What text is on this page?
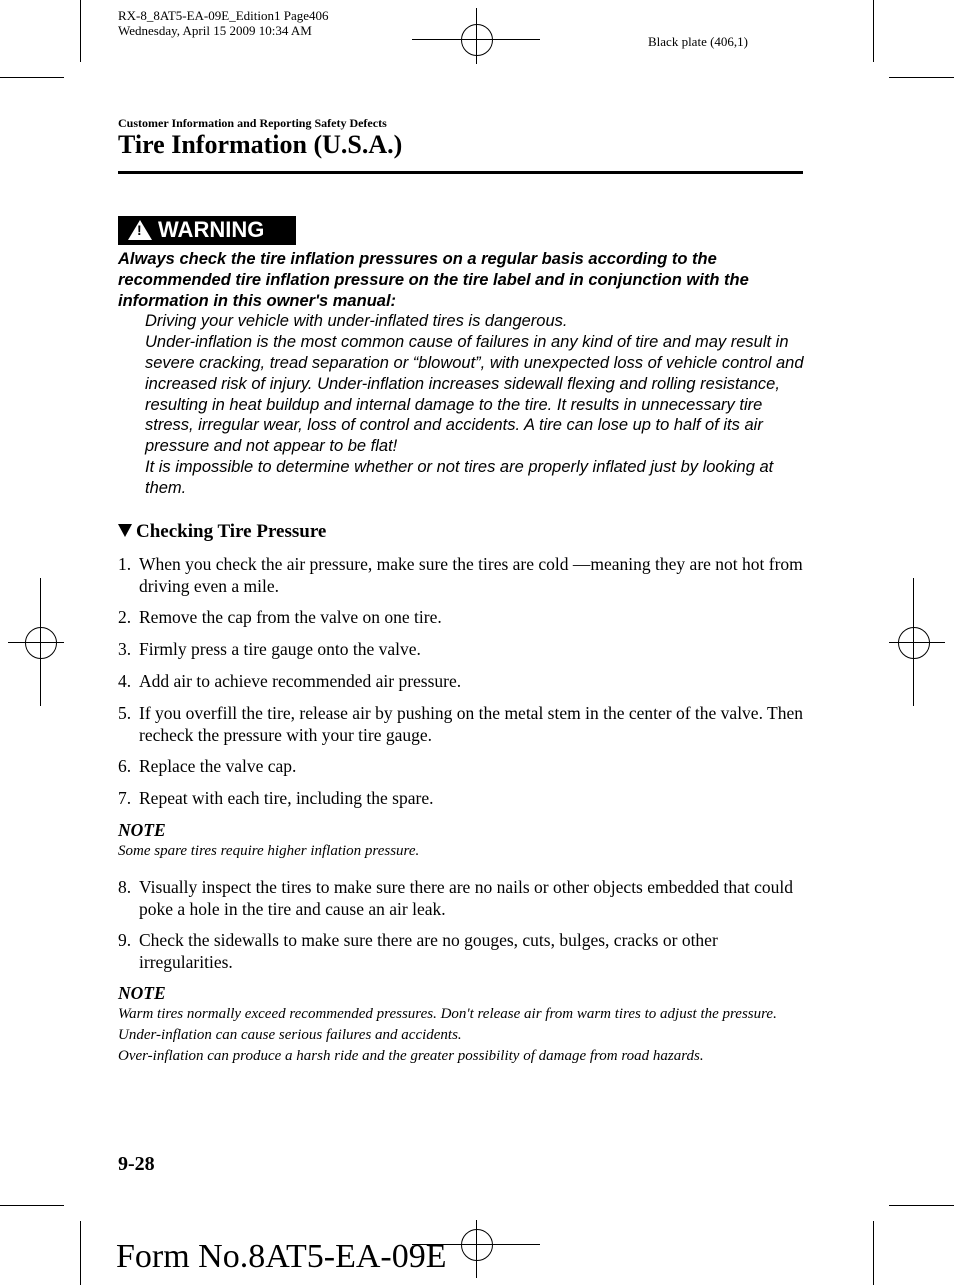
RX-8_8AT5-EA-09E_Edition1 Page406
Wednesday, April 15 2009 10:34 AM
Black plate (406,1)
Customer Information and Reporting Safety Defects
Tire Information (U.S.A.)
! WARNING
Always check the tire inflation pressures on a regular basis according to the recommended tire inflation pressure on the tire label and in conjunction with the information in this owner's manual:
Driving your vehicle with under-inflated tires is dangerous.
Under-inflation is the most common cause of failures in any kind of tire and may result in severe cracking, tread separation or “blowout”, with unexpected loss of vehicle control and increased risk of injury. Under-inflation increases sidewall flexing and rolling resistance, resulting in heat buildup and internal damage to the tire. It results in unnecessary tire stress, irregular wear, loss of control and accidents. A tire can lose up to half of its air pressure and not appear to be flat!
It is impossible to determine whether or not tires are properly inflated just by looking at them.
Checking Tire Pressure
1. When you check the air pressure, make sure the tires are cold —meaning they are not hot from driving even a mile.
2. Remove the cap from the valve on one tire.
3. Firmly press a tire gauge onto the valve.
4. Add air to achieve recommended air pressure.
5. If you overfill the tire, release air by pushing on the metal stem in the center of the valve. Then recheck the pressure with your tire gauge.
6. Replace the valve cap.
7. Repeat with each tire, including the spare.
NOTE
Some spare tires require higher inflation pressure.
8. Visually inspect the tires to make sure there are no nails or other objects embedded that could poke a hole in the tire and cause an air leak.
9. Check the sidewalls to make sure there are no gouges, cuts, bulges, cracks or other irregularities.
NOTE
Warm tires normally exceed recommended pressures. Don't release air from warm tires to adjust the pressure.
Under-inflation can cause serious failures and accidents.
Over-inflation can produce a harsh ride and the greater possibility of damage from road hazards.
9-28
Form No.8AT5-EA-09E
